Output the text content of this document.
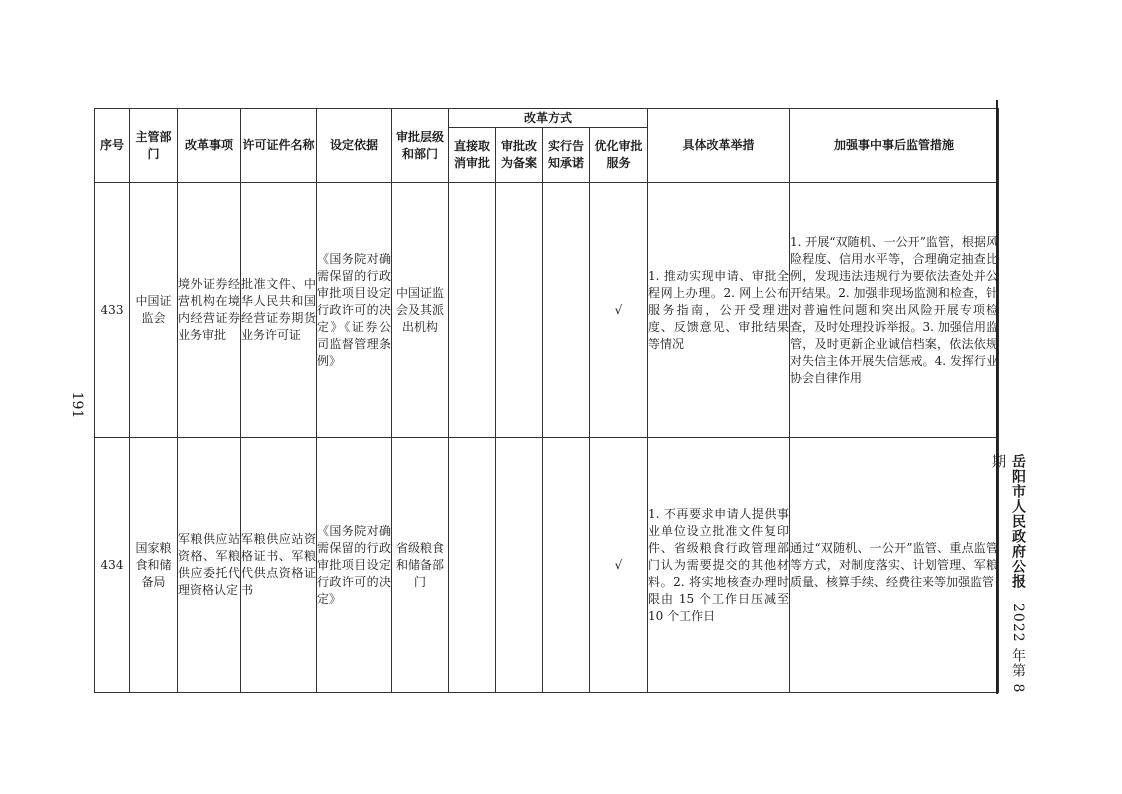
191
序号	主管部门	改革事项	许可证件名称	设定依据	审批层级和部门	改革方式				具体改革举措	加强事中事后监管措施
						直接取消审批	审批改为备案	实行告知承诺	优化审批服务		
433	中国证监会	境外证券经营机构在境内经营证券业务审批	批准文件、中华人民共和国经营证券期货业务许可证	《国务院对确需保留的行政审批项目设定行政许可的决定》《证券公司监督管理条例》	中国证监会及其派出机构				√	1. 推动实现申请、审批全程网上办理。2. 网上公布服务指南，公开受理进度、反馈意见、审批结果等情况	1. 开展“双随机、一公开”监管，根据风险程度、信用水平等，合理确定抽查比例，发现违法违规行为要依法查处并公开结果。2. 加强非现场监测和检查，针对普遍性问题和突出风险开展专项检查，及时处理投诉举报。3. 加强信用监管，及时更新企业诚信档案，依法依规对失信主体开展失信惩戒。4. 发挥行业协会自律作用
434	国家粮食和储备局	军粮供应站资格、军粮供应委托代理资格认定	军粮供应站资格证书、军粮代供点资格证书	《国务院对确需保留的行政审批项目设定行政许可的决定》	省级粮食和储备部门				√	1. 不再要求申请人提供事业单位设立批准文件复印件、省级粮食行政管理部门认为需要提交的其他材料。2. 将实地核查办理时限由 15 个工作日压减至 10 个工作日	通过“双随机、一公开”监管、重点监管等方式，对制度落实、计划管理、军粮质量、核算手续、经费往来等加强监管	岳阳市人民政府公报2022 年第 8 期
